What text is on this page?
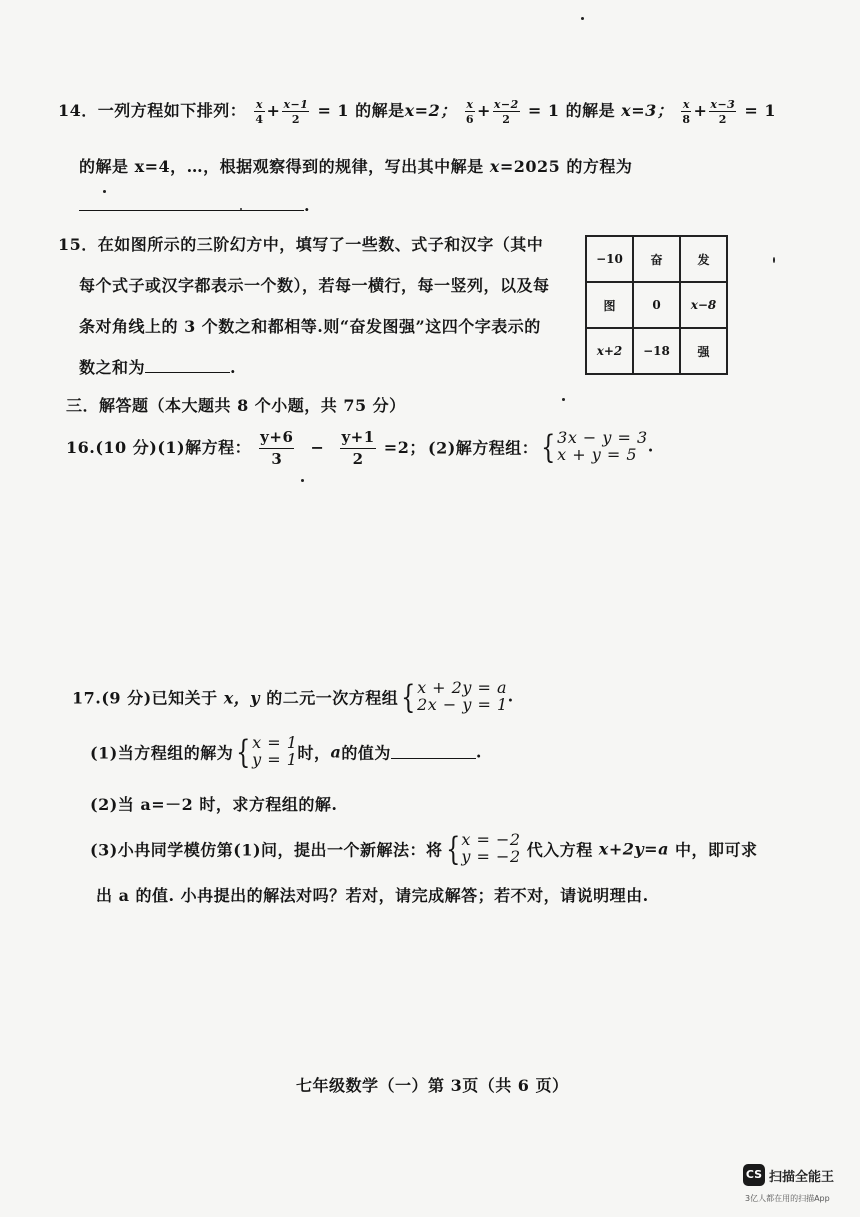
14．一列方程如下排列： $\frac{x}{4} + \frac{x-1}{2} = 1$ 的解是x=2； $\frac{x}{6} + \frac{x-2}{2} = 1$ 的解是 x=3； $\frac{x}{8} + \frac{x-3}{2} = 1$
的解是 x=4，…，根据观察得到的规律，写出其中解是 x=2025 的方程为
.
15．在如图所示的三阶幻方中，填写了一些数、式子和汉字（其中
每个式子或汉字都表示一个数），若每一横行，每一竖列，以及每
条对角线上的 3 个数之和都相等.则“奋发图强”这四个字表示的
数之和为	.
−10	奋	发
图	0	x−8
x+2	−18	强
三．解答题（本大题共 8 个小题，共 75 分）
16.(10 分)(1)解方程： $\frac{y+6}{3} - \frac{y+1}{2} =2$； (2)解方程组： { 3x − y = 3
x + y = 5 .
17.(9 分)已知关于 x，y 的二元一次方程组 { x + 2y = a
2x − y = 1 .
(1)当方程组的解为 { x = 1
y = 1 时，a的值为	.
(2)当 a=－2 时，求方程组的解.
(3)小冉同学模仿第(1)问，提出一个新解法：将 { x = −2
y = −2 代入方程 x+2y=a 中，即可求
出 a 的值. 小冉提出的解法对吗？若对，请完成解答；若不对，请说明理由.
七年级数学（一）第 3页（共 6 页）
CS 扫描全能王
3亿人都在用的扫描App
